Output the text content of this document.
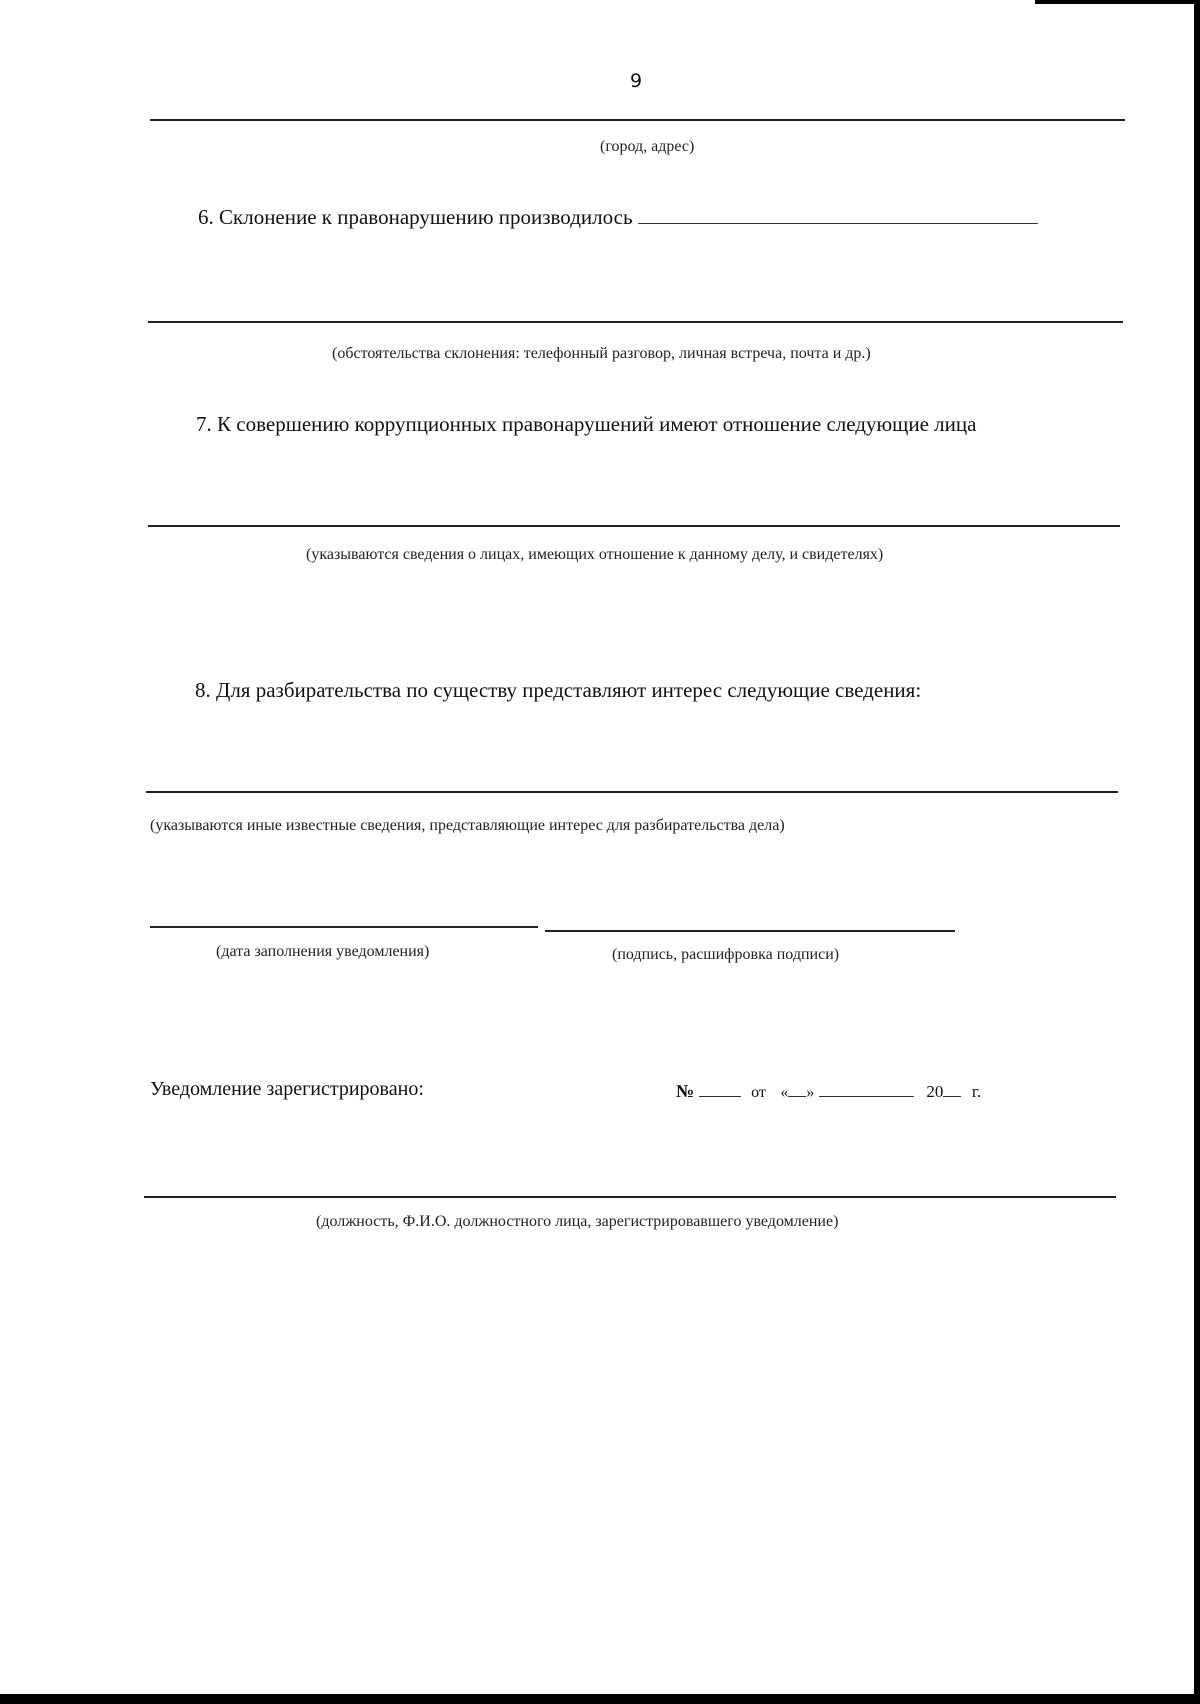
9
(город, адрес)
6. Склонение к правонарушению производилось
(обстоятельства склонения: телефонный разговор, личная встреча, почта и др.)
7. К совершению коррупционных правонарушений имеют отношение следующие лица
(указываются сведения о лицах, имеющих отношение к данному делу, и свидетелях)
8. Для разбирательства по существу представляют интерес следующие сведения:
(указываются иные известные сведения, представляющие интерес для разбирательства дела)
(дата заполнения уведомления)	(подпись, расшифровка подписи)
Уведомление зарегистрировано:	№	от « »	20 г.
(должность, Ф.И.О. должностного лица, зарегистрировавшего уведомление)
